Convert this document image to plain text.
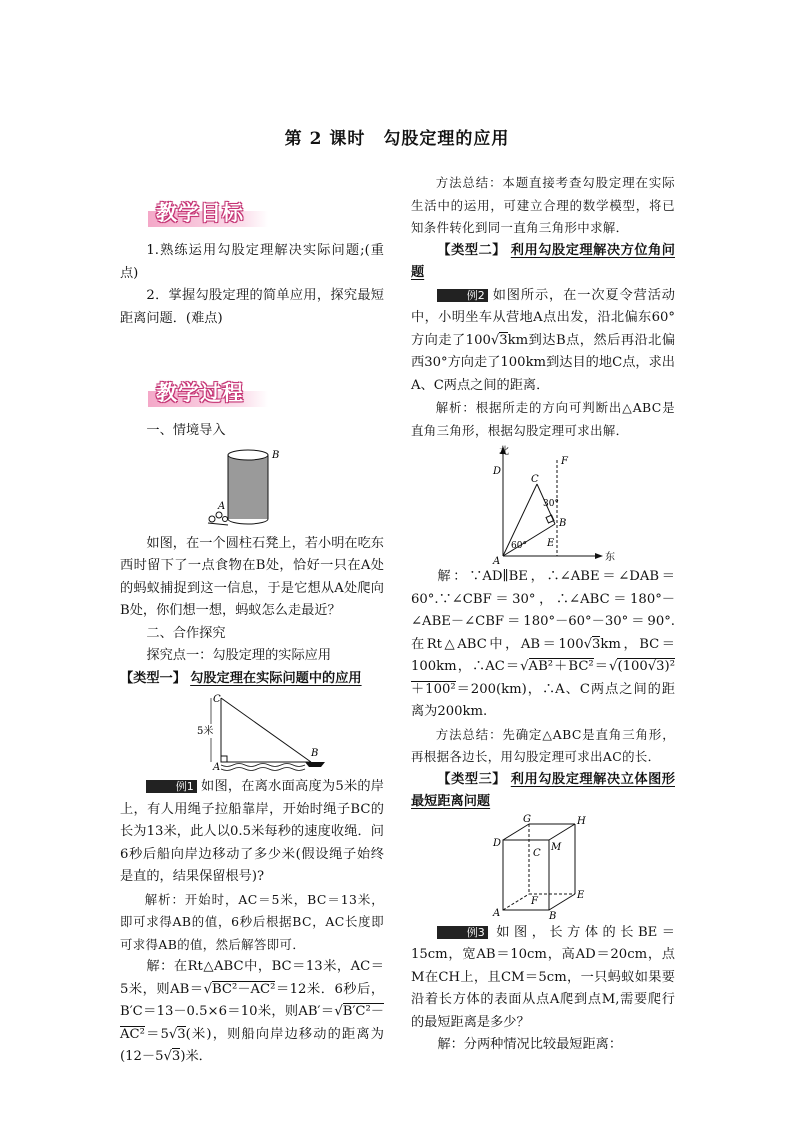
第 2 课时　勾股定理的应用
教学目标

1.熟练运用勾股定理解决实际问题;(重点)

2．掌握勾股定理的简单应用，探究最短距离问题．(难点)

教学过程

一、情境导入

B
A

如图，在一个圆柱石凳上，若小明在吃东西时留下了一点食物在B处，恰好一只在A处的蚂蚁捕捉到这一信息，于是它想从A处爬向B处，你们想一想，蚂蚁怎么走最近？

二、合作探究

探究点一：勾股定理的实际应用

【类型一】 勾股定理在实际问题中的应用

C
A
B
5米

例1 如图，在离水面高度为5米的岸上，有人用绳子拉船靠岸，开始时绳子BC的长为13米，此人以0.5米每秒的速度收绳．问6秒后船向岸边移动了多少米(假设绳子始终是直的，结果保留根号)?

解析：开始时，AC＝5米，BC＝13米，即可求得AB的值，6秒后根据BC，AC长度即可求得AB的值，然后解答即可．

解：在Rt△ABC中，BC＝13米，AC＝5米，则AB＝√BC²－AC²＝12米．6秒后，B′C＝13－0.5×6＝10米，则AB′＝√B′C²－AC²＝5√3(米)，则船向岸边移动的距离为(12－5√3)米．

方法总结：本题直接考查勾股定理在实际生活中的运用，可建立合理的数学模型，将已知条件转化到同一直角三角形中求解．

【类型二】 利用勾股定理解决方位角问题

例2 如图所示，在一次夏令营活动中，小明坐车从营地A点出发，沿北偏东60°方向走了100√3km到达B点，然后再沿北偏西30°方向走了100km到达目的地C点，求出A、C两点之间的距离．

解析：根据所走的方向可判断出△ABC是直角三角形，根据勾股定理可求出解．

北
东
A
B
C
D
E
F
60°
30°

解：∵AD∥BE，∴∠ABE＝∠DAB＝60°.∵∠CBF＝30°，∴∠ABC＝180°－∠ABE－∠CBF＝180°－60°－30°＝90°.在Rt△ABC中，AB＝100√3km，BC＝100km，∴AC＝√AB²＋BC²＝√(100√3)²＋100²＝200(km)，∴A、C两点之间的距离为200km.

方法总结：先确定△ABC是直角三角形，再根据各边长，用勾股定理可求出AC的长．

【类型三】 利用勾股定理解决立体图形最短距离问题

D
A	B
C
G	H
E
F
M

例3 如图，长方体的长BE＝15cm，宽AB＝10cm，高AD＝20cm，点M在CH上，且CM＝5cm，一只蚂蚁如果要沿着长方体的表面从点A爬到点M,需要爬行的最短距离是多少？

解：分两种情况比较最短距离：
